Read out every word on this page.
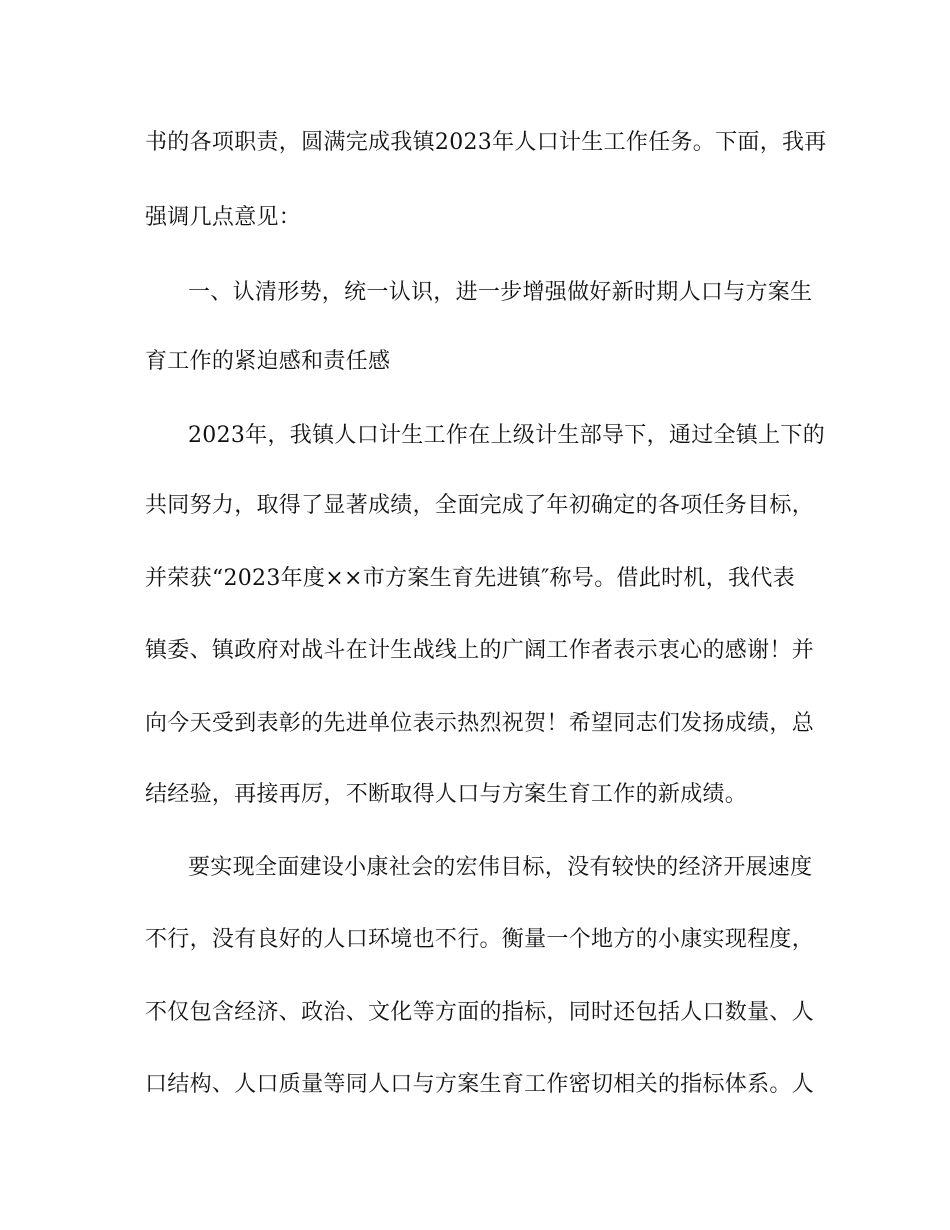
书的各项职责，圆满完成我镇2023年人口计生工作任务。下面，我再
强调几点意见：
一、认清形势，统一认识，进一步增强做好新时期人口与方案生
育工作的紧迫感和责任感
2023年，我镇人口计生工作在上级计生部导下，通过全镇上下的
共同努力，取得了显著成绩，全面完成了年初确定的各项任务目标，
并荣获“2023年度××市方案生育先进镇″称号。借此时机，我代表
镇委、镇政府对战斗在计生战线上的广阔工作者表示衷心的感谢！并
向今天受到表彰的先进单位表示热烈祝贺！希望同志们发扬成绩，总
结经验，再接再厉，不断取得人口与方案生育工作的新成绩。
要实现全面建设小康社会的宏伟目标，没有较快的经济开展速度
不行，没有良好的人口环境也不行。衡量一个地方的小康实现程度，
不仅包含经济、政治、文化等方面的指标，同时还包括人口数量、人
口结构、人口质量等同人口与方案生育工作密切相关的指标体系。人
